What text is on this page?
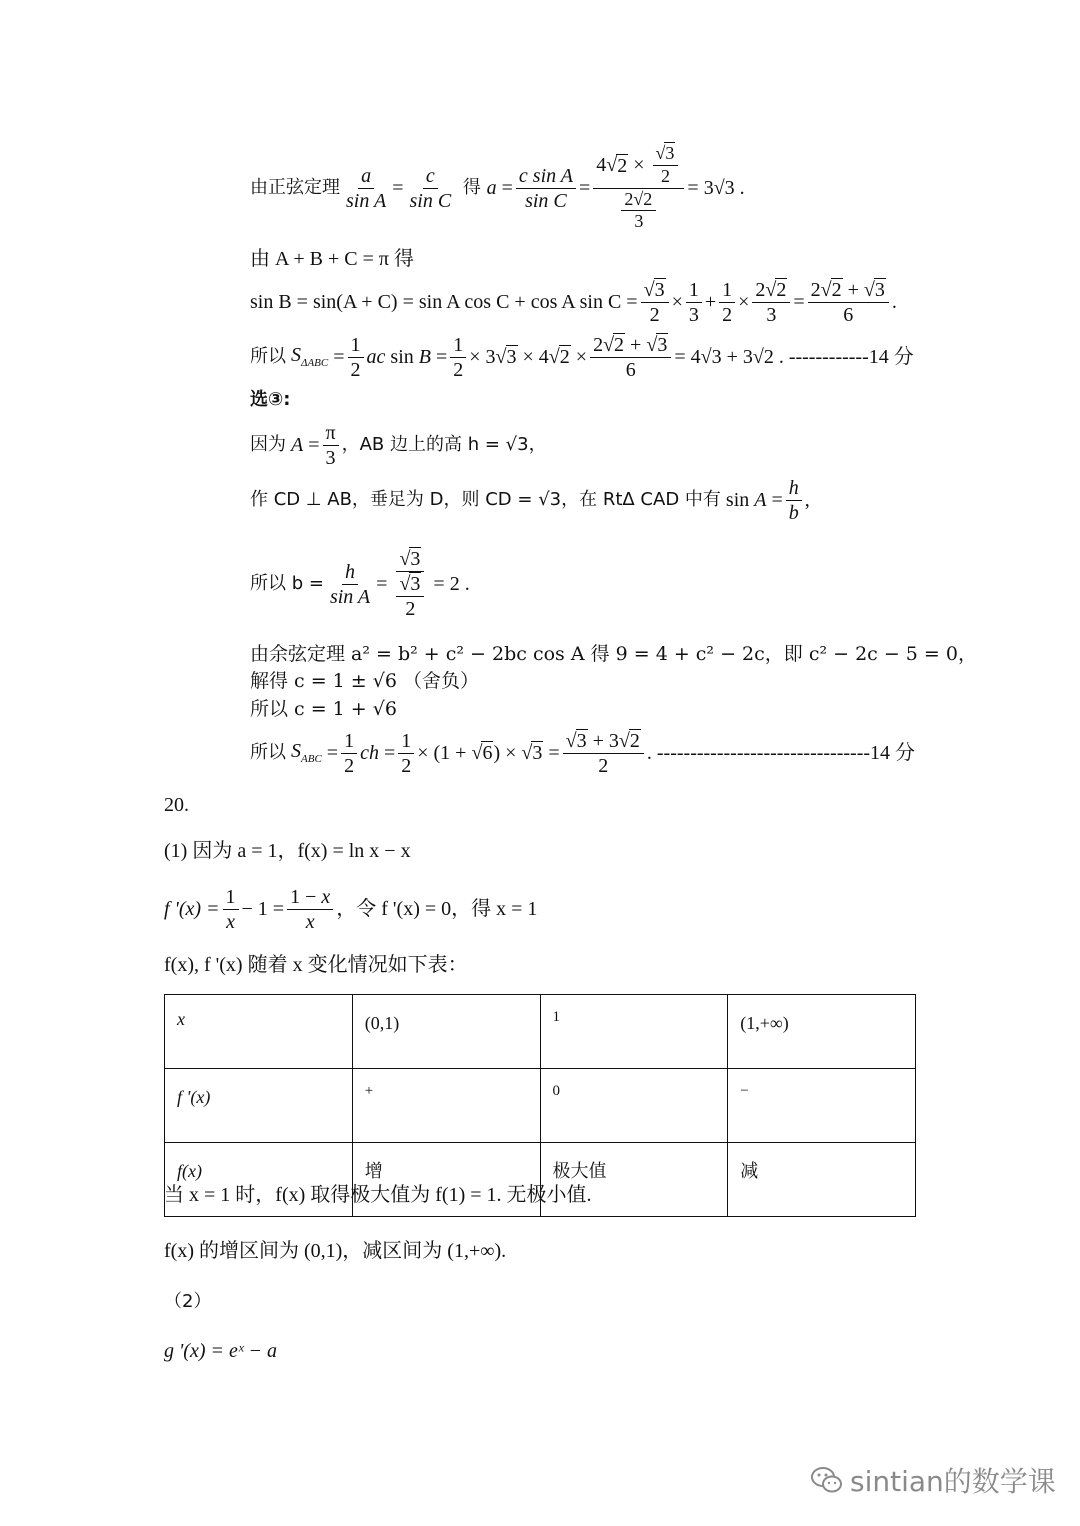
由正弦定理 $\frac{a}{\text{sin A}} = \frac{c}{\text{sin C}}$ 得 $a = \frac{\text{c sin A}}{\text{sin C}} = \frac{4√ 2 \times \frac{√3}{2}}{\frac{2√2}{3}} = 3√3$ .
由 A + B + C = π 得
sin B = sin(A + C) = sin A cos C + cos A $\sin C = \frac{√3}{2} \times \frac{1}{3} + \frac{1}{2} \times \frac{2√2}{3} = \frac{2√2 + √3}{6}$ .
所以 $S_{\Delta ABC} = \frac{1}{2}$ ac $\sin B = \frac{1}{2} \times 3√3 \times 4√2 \times \frac{2√2 + √3}{6} = 4√3 + 3√2$ . ------------14 分
选③:
因为 $A = \frac{\pi}{3}$ ，AB 边上的高 h = √3，
作 CD ⊥ AB，垂足为 D，则 CD = √3，在 RtΔ CAD 中有 $\sin A = \frac{h}{b}$ ,
所以 $b = \frac{h}{\text{sin A}} = \frac{√3}{\frac{√3}{2}} = 2$ .
由余弦定理 a² = b² + c² − 2bc cos A 得 9 = 4 + c² − 2c，即 c² − 2c − 5 = 0，
解得 c = 1 ± √6 （舍负）
所以 c = 1 + √6
所以 $S_{ABC} = \frac{1}{2}$ ch = $\frac{1}{2} \times (1 + √6) \times √3 = \frac{√3 + 3√2}{2}$ . --------------------------------14 分
20.
(1) 因为 a = 1，f(x) = ln x − x
f '$(x) = \frac{1}{x} - 1 = \frac{1 - x}{x}$ ，令 f '(x) = 0，得 x = 1
f(x), f '(x) 随着 x 变化情况如下表：
x	(0,1)	1	(1,+∞)
f '(x)	+	0	−
f(x)	增	极大值	减
当 x = 1 时，f(x) 取得极大值为 f(1) = 1. 无极小值.
f(x) 的增区间为 (0,1)，减区间为 (1,+∞).
（2）
g '(x) = eˣ − a
sintian的数学课
